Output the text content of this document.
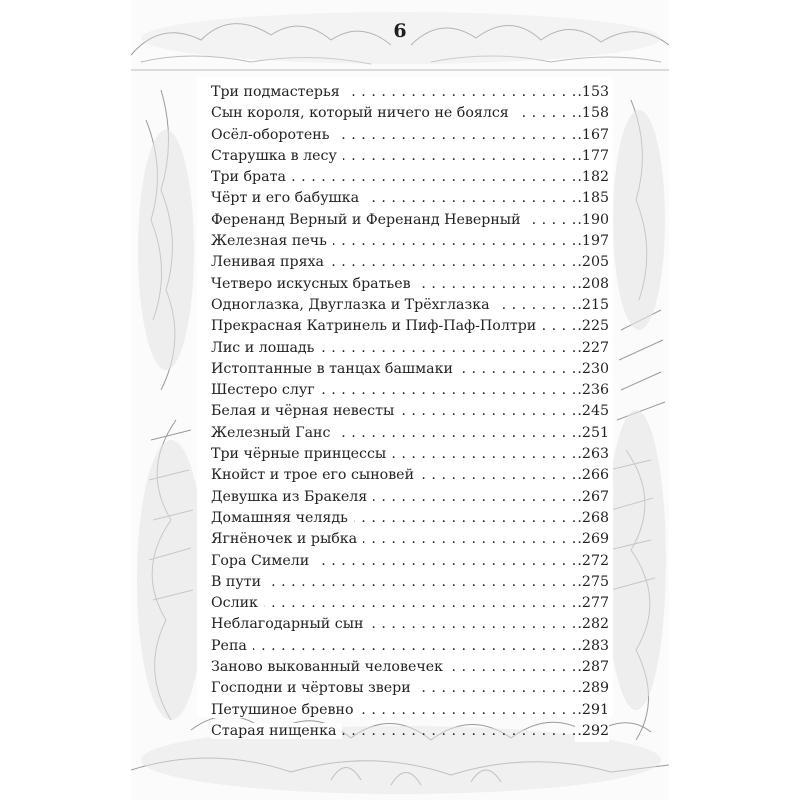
6
Три подмастерья	.153
. .
Сын короля, который ничего не боялся	.158
. .
Осёл-оборотень	.167
. .
Старушка в лесу	.177
. .
Три брата	.182
. .
Чёрт и его бабушка	.185
. .
Ференанд Верный и Ференанд Неверный	.190
. .
Железная печь	.197
. .
Ленивая пряха	.205
. .
Четверо искусных братьев	.208
. .
Одноглазка, Двуглазка и Трёхглазка	.215
. .
Прекрасная Катринель и Пиф-Паф-Полтри	.225
. .
Лис и лошадь	.227
. .
Истоптанные в танцах башмаки	.230
. .
Шестеро слуг	.236
. .
Белая и чёрная невесты	.245
. .
Железный Ганс	.251
. .
Три чёрные принцессы	.263
. .
Кнойст и трое его сыновей	.266
. .
Девушка из Бракеля	.267
. .
Домашняя челядь	.268
. .
Ягнёночек и рыбка	.269
. .
Гора Симели	.272
. .
В пути	.275
. .
Ослик	.277
. .
Неблагодарный сын	.282
. .
Репа	.283
. .
Заново выкованный человечек	.287
. .
Господни и чёртовы звери	.289
. .
Петушиное бревно	.291
. .
Старая нищенка	.292
. .
